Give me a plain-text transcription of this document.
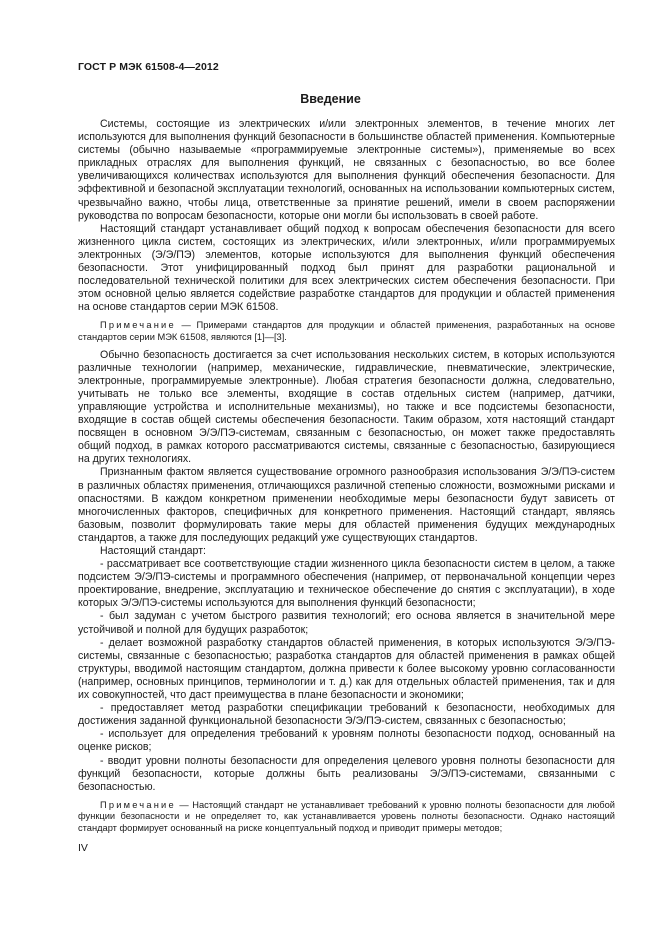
ГОСТ Р МЭК 61508-4—2012
Введение

Системы, состоящие из электрических и/или электронных элементов, в течение многих лет используются для выполнения функций безопасности в большинстве областей применения. Компьютерные системы (обычно называемые «программируемые электронные системы»), применяемые во всех прикладных отраслях для выполнения функций, не связанных с безопасностью, во все более увеличивающихся количествах используются для выполнения функций обеспечения безопасности. Для эффективной и безопасной эксплуатации технологий, основанных на использовании компьютерных систем, чрезвычайно важно, чтобы лица, ответственные за принятие решений, имели в своем распоряжении руководства по вопросам безопасности, которые они могли бы использовать в своей работе.

Настоящий стандарт устанавливает общий подход к вопросам обеспечения безопасности для всего жизненного цикла систем, состоящих из электрических, и/или электронных, и/или программируемых электронных (Э/Э/ПЭ) элементов, которые используются для выполнения функций обеспечения безопасности. Этот унифицированный подход был принят для разработки рациональной и последовательной технической политики для всех электрических систем обеспечения безопасности. При этом основной целью является содействие разработке стандартов для продукции и областей применения на основе стандартов серии МЭК 61508.

Примечание — Примерами стандартов для продукции и областей применения, разработанных на основе стандартов серии МЭК 61508, являются [1]—[3].

Обычно безопасность достигается за счет использования нескольких систем, в которых используются различные технологии (например, механические, гидравлические, пневматические, электрические, электронные, программируемые электронные). Любая стратегия безопасности должна, следовательно, учитывать не только все элементы, входящие в состав отдельных систем (например, датчики, управляющие устройства и исполнительные механизмы), но также и все подсистемы безопасности, входящие в состав общей системы обеспечения безопасности. Таким образом, хотя настоящий стандарт посвящен в основном Э/Э/ПЭ-системам, связанным с безопасностью, он может также предоставлять общий подход, в рамках которого рассматриваются системы, связанные с безопасностью, базирующиеся на других технологиях.

Признанным фактом является существование огромного разнообразия использования Э/Э/ПЭ-систем в различных областях применения, отличающихся различной степенью сложности, возможными рисками и опасностями. В каждом конкретном применении необходимые меры безопасности будут зависеть от многочисленных факторов, специфичных для конкретного применения. Настоящий стандарт, являясь базовым, позволит формулировать такие меры для областей применения будущих международных стандартов, а также для последующих редакций уже существующих стандартов.

Настоящий стандарт:

- рассматривает все соответствующие стадии жизненного цикла безопасности систем в целом, а также подсистем Э/Э/ПЭ-системы и программного обеспечения (например, от первоначальной концепции через проектирование, внедрение, эксплуатацию и техническое обеспечение до снятия с эксплуатации), в ходе которых Э/Э/ПЭ-системы используются для выполнения функций безопасности;

- был задуман с учетом быстрого развития технологий; его основа является в значительной мере устойчивой и полной для будущих разработок;

- делает возможной разработку стандартов областей применения, в которых используются Э/Э/ПЭ-системы, связанные с безопасностью; разработка стандартов для областей применения в рамках общей структуры, вводимой настоящим стандартом, должна привести к более высокому уровню согласованности (например, основных принципов, терминологии и т. д.) как для отдельных областей применения, так и для их совокупностей, что даст преимущества в плане безопасности и экономики;

- предоставляет метод разработки спецификации требований к безопасности, необходимых для достижения заданной функциональной безопасности Э/Э/ПЭ-систем, связанных с безопасностью;

- использует для определения требований к уровням полноты безопасности подход, основанный на оценке рисков;

- вводит уровни полноты безопасности для определения целевого уровня полноты безопасности для функций безопасности, которые должны быть реализованы Э/Э/ПЭ-системами, связанными с безопасностью.

Примечание — Настоящий стандарт не устанавливает требований к уровню полноты безопасности для любой функции безопасности и не определяет то, как устанавливается уровень полноты безопасности. Однако настоящий стандарт формирует основанный на риске концептуальный подход и приводит примеры методов;

IV
